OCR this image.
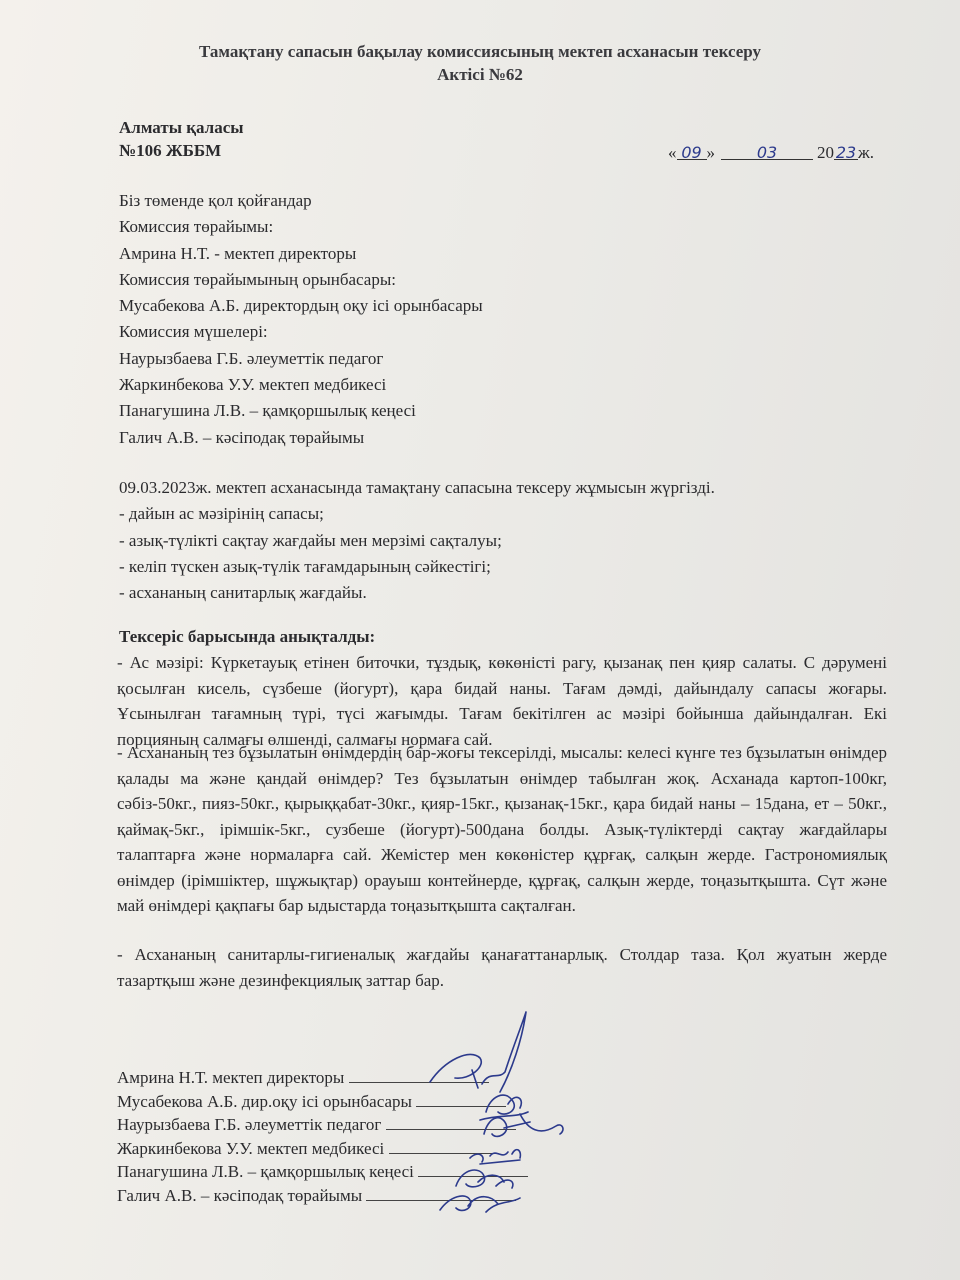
Тамақтану сапасын бақылау комиссиясының мектеп асханасын тексеру
Актісі №62
Алматы қаласы
№106 ЖББМ	« 09 »	03 20 23 ж.
Біз төменде қол қойғандар
Комиссия төрайымы:
Амрина Н.Т. - мектеп директоры
Комиссия төрайымының орынбасары:
Мусабекова А.Б. директордың оқу ісі орынбасары
Комиссия мүшелері:
Наурызбаева Г.Б. әлеуметтік педагог
Жаркинбекова У.У. мектеп медбикесі
Панагушина Л.В. – қамқоршылық кеңесі
Галич А.В. – кәсіподақ төрайымы
09.03.2023ж. мектеп асханасында тамақтану сапасына тексеру жұмысын жүргізді.
- дайын ас мәзірінің сапасы;
- азық-түлікті сақтау жағдайы мен мерзімі сақталуы;
- келіп түскен азық-түлік тағамдарының сәйкестігі;
- асхананың санитарлық жағдайы.
Тексеріс барысында анықталды:
- Ас мәзірі: Күркетауық етінен биточки, тұздық, көкөністі рагу, қызанақ пен қияр салаты. С дәрумені қосылған кисель, сүзбеше (йогурт), қара бидай наны. Тағам дәмді, дайындалу сапасы жоғары. Ұсынылған тағамның түрі, түсі жағымды. Тағам бекітілген ас мәзірі бойынша дайындалған. Екі порцияның салмағы өлшенді, салмағы нормаға сай.
- Асхананың тез бұзылатын өнімдердің бар-жоғы тексерілді, мысалы: келесі күнге тез бұзылатын өнімдер қалады ма және қандай өнімдер? Тез бұзылатын өнімдер табылған жоқ. Асханада картоп-100кг, сәбіз-50кг., пияз-50кг., қырыққабат-30кг., қияр-15кг., қызанақ-15кг., қара бидай наны – 15дана, ет – 50кг., қаймақ-5кг., ірімшік-5кг., сузбеше (йогурт)-500дана болды. Азық-түліктерді сақтау жағдайлары талаптарға және нормаларға сай. Жемістер мен көкөністер құрғақ, салқын жерде. Гастрономиялық өнімдер (ірімшіктер, шұжықтар) орауыш контейнерде, құрғақ, салқын жерде, тоңазытқышта. Сүт және май өнімдері қақпағы бар ыдыстарда тоңазытқышта сақталған.
- Асхананың санитарлы-гигиеналық жағдайы қанағаттанарлық. Столдар таза. Қол жуатын жерде тазартқыш және дезинфекциялық заттар бар.
Амрина Н.Т. мектеп директоры
Мусабекова А.Б. дир.оқу ісі орынбасары
Наурызбаева Г.Б. әлеуметтік педагог
Жаркинбекова У.У. мектеп медбикесі
Панагушина Л.В. – қамқоршылық кеңесі
Галич А.В. – кәсіподақ төрайымы
